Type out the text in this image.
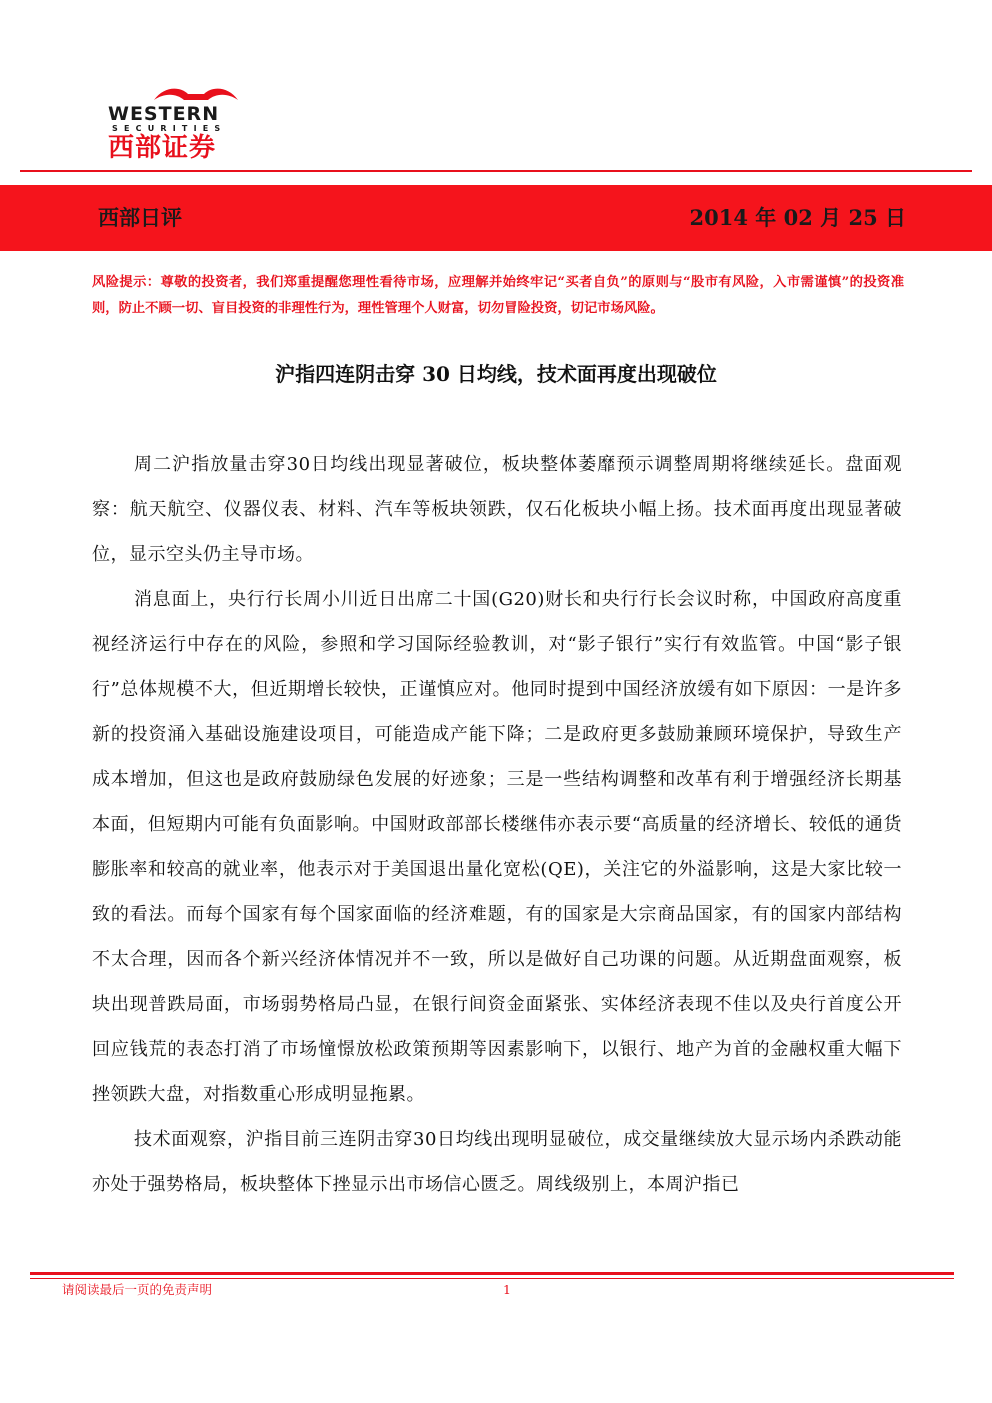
WESTERN
SECURITIES
西部证券
西部日评	2014 年 02 月 25 日
风险提示：尊敬的投资者，我们郑重提醒您理性看待市场，应理解并始终牢记“买者自负”的原则与“股市有风险，入市需谨慎”的投资准则，防止不顾一切、盲目投资的非理性行为，理性管理个人财富，切勿冒险投资，切记市场风险。
沪指四连阴击穿 30 日均线，技术面再度出现破位

周二沪指放量击穿30日均线出现显著破位，板块整体萎靡预示调整周期将继续延长。盘面观察：航天航空、仪器仪表、材料、汽车等板块领跌，仅石化板块小幅上扬。技术面再度出现显著破位，显示空头仍主导市场。

消息面上，央行行长周小川近日出席二十国(G20)财长和央行行长会议时称，中国政府高度重视经济运行中存在的风险，参照和学习国际经验教训，对“影子银行”实行有效监管。中国“影子银行”总体规模不大，但近期增长较快，正谨慎应对。他同时提到中国经济放缓有如下原因：一是许多新的投资涌入基础设施建设项目，可能造成产能下降；二是政府更多鼓励兼顾环境保护，导致生产成本增加，但这也是政府鼓励绿色发展的好迹象；三是一些结构调整和改革有利于增强经济长期基本面，但短期内可能有负面影响。中国财政部部长楼继伟亦表示要“高质量的经济增长、较低的通货膨胀率和较高的就业率，他表示对于美国退出量化宽松(QE)，关注它的外溢影响，这是大家比较一致的看法。而每个国家有每个国家面临的经济难题，有的国家是大宗商品国家，有的国家内部结构不太合理，因而各个新兴经济体情况并不一致，所以是做好自己功课的问题。从近期盘面观察，板块出现普跌局面，市场弱势格局凸显，在银行间资金面紧张、实体经济表现不佳以及央行首度公开回应钱荒的表态打消了市场憧憬放松政策预期等因素影响下，以银行、地产为首的金融权重大幅下挫领跌大盘，对指数重心形成明显拖累。

技术面观察，沪指目前三连阴击穿30日均线出现明显破位，成交量继续放大显示场内杀跌动能亦处于强势格局，板块整体下挫显示出市场信心匮乏。周线级别上，本周沪指已

请阅读最后一页的免责声明	1
